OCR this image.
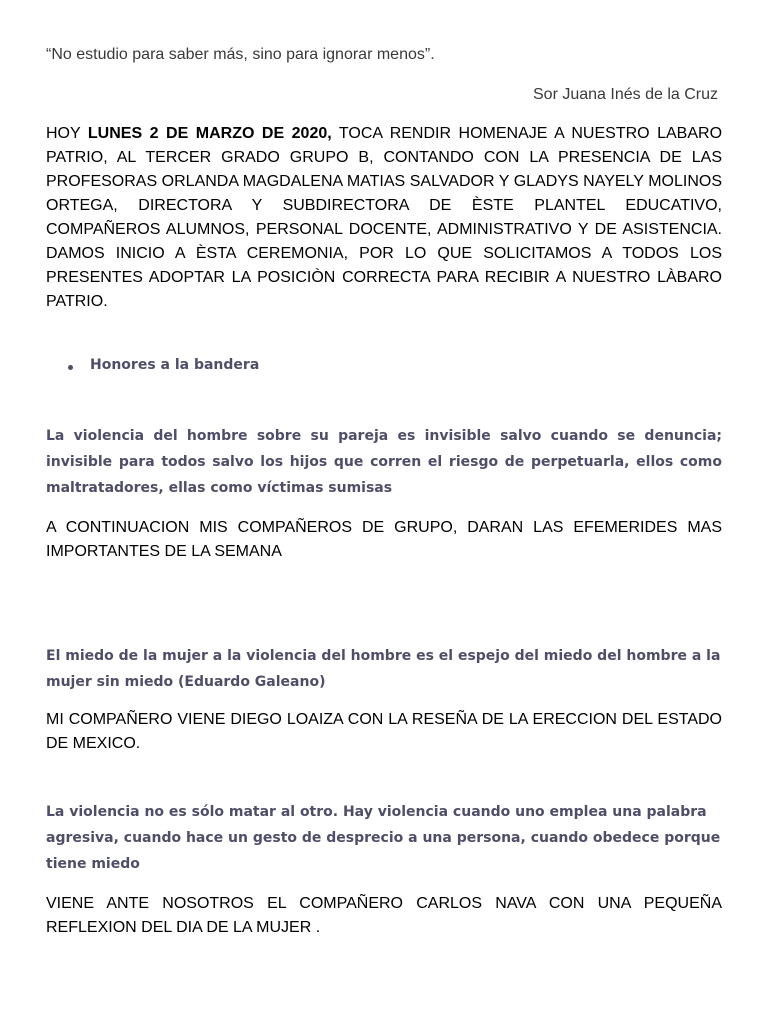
“No estudio para saber más, sino para ignorar menos”.

Sor Juana Inés de la Cruz

HOY LUNES 2 DE MARZO DE 2020, TOCA RENDIR HOMENAJE A NUESTRO LABARO PATRIO, AL TERCER GRADO GRUPO B, CONTANDO CON LA PRESENCIA DE LAS PROFESORAS ORLANDA MAGDALENA MATIAS SALVADOR Y GLADYS NAYELY MOLINOS ORTEGA, DIRECTORA Y SUBDIRECTORA DE ÈSTE PLANTEL EDUCATIVO, COMPAÑEROS ALUMNOS, PERSONAL DOCENTE, ADMINISTRATIVO Y DE ASISTENCIA. DAMOS INICIO A ÈSTA CEREMONIA, POR LO QUE SOLICITAMOS A TODOS LOS PRESENTES ADOPTAR LA POSICIÒN CORRECTA PARA RECIBIR A NUESTRO LÀBARO PATRIO.

Honores a la bandera

La violencia del hombre sobre su pareja es invisible salvo cuando se denuncia; invisible para todos salvo los hijos que corren el riesgo de perpetuarla, ellos como maltratadores, ellas como víctimas sumisas

A CONTINUACION MIS COMPAÑEROS DE GRUPO, DARAN LAS EFEMERIDES MAS IMPORTANTES DE LA SEMANA

El miedo de la mujer a la violencia del hombre es el espejo del miedo del hombre a la mujer sin miedo (Eduardo Galeano)

MI COMPAÑERO VIENE DIEGO LOAIZA CON LA RESEÑA DE LA ERECCION DEL ESTADO DE MEXICO.

La violencia no es sólo matar al otro. Hay violencia cuando uno emplea una palabra agresiva, cuando hace un gesto de desprecio a una persona, cuando obedece porque tiene miedo

VIENE ANTE NOSOTROS EL COMPAÑERO CARLOS NAVA CON UNA PEQUEÑA REFLEXION DEL DIA DE LA MUJER .
